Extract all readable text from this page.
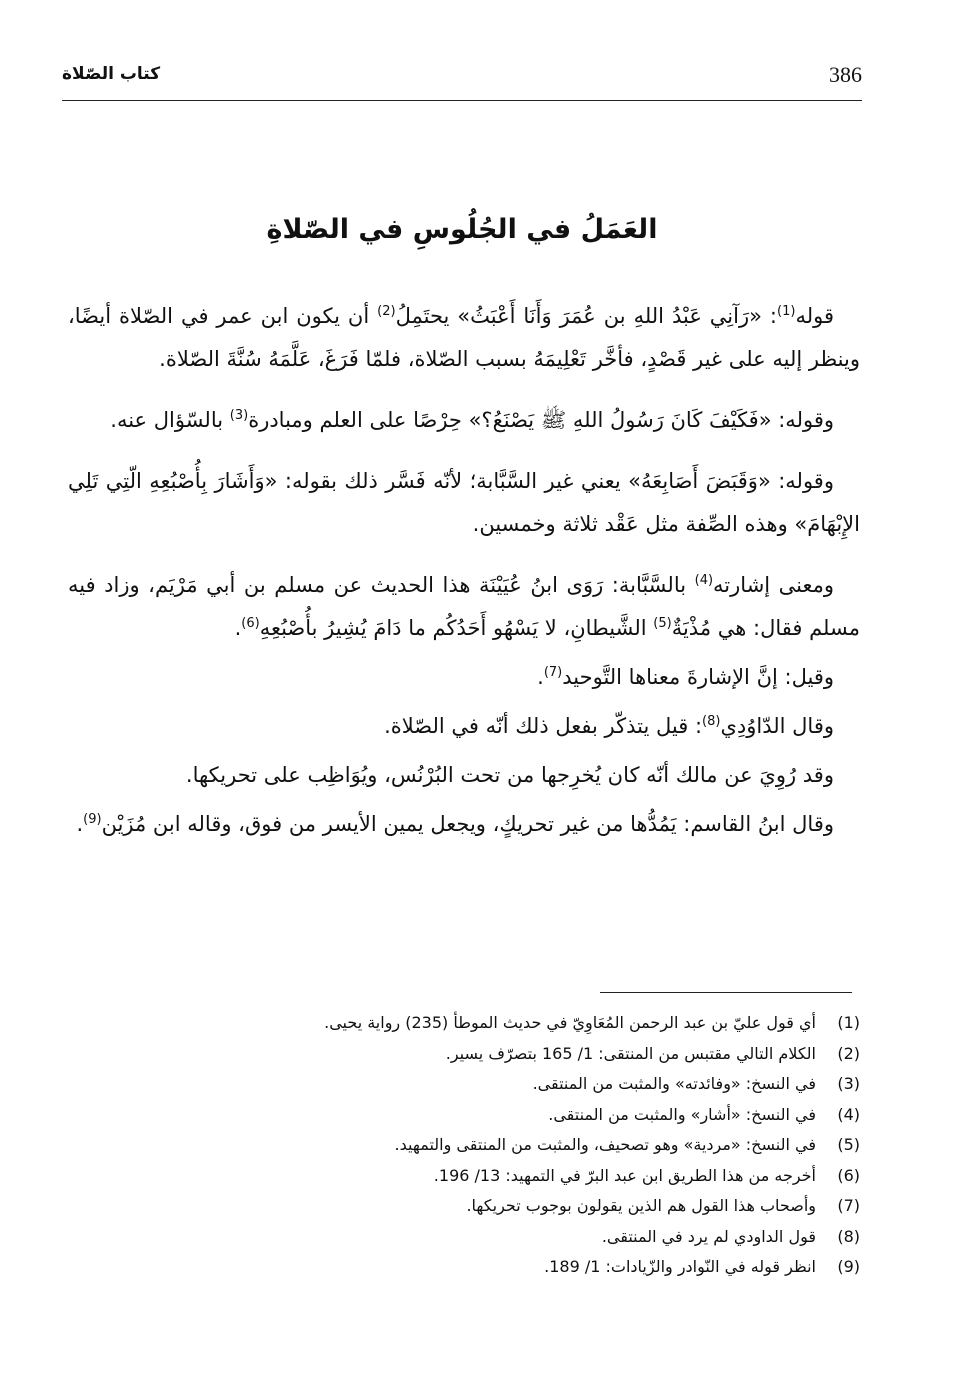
386
كتاب الصّلاة
العَمَلُ في الجُلُوسِ في الصّلاةِ

قوله$^{(1)}$: «رَآنِي عَبْدُ اللهِ بن عُمَرَ وَأَنَا أَعْبَثُ» يحتَمِلُ$^{(2)}$ أن يكون ابن عمر في الصّلاة أيضًا، وينظر إليه على غير قَصْدٍ، فأخَّر تَعْلِيمَهُ بسبب الصّلاة، فلمّا فَرَغَ، عَلَّمَهُ سُنَّةَ الصّلاة.

وقوله: «فَكَيْفَ كَانَ رَسُولُ اللهِ ﷺ يَصْنَعُ؟» حِرْصًا على العلم ومبادرة$^{(3)}$ بالسّؤال عنه.

وقوله: «وَقَبَضَ أَصَابِعَهُ» يعني غير السَّبَّابة؛ لأنّه فَسَّر ذلك بقوله: «وَأَشَارَ بِأُصْبُعِهِ الّتِي تَلِي الإِبْهَامَ» وهذه الصِّفة مثل عَقْد ثلاثة وخمسين.

ومعنى إشارته$^{(4)}$ بالسَّبَّابة: رَوَى ابنُ عُيَيْنَة هذا الحديث عن مسلم بن أبي مَرْيَم، وزاد فيه مسلم فقال: هي مُذْيَةٌ$^{(5)}$ الشَّيطانِ، لا يَسْهُو أَحَدُكُم ما دَامَ يُشِيرُ بأُصْبُعِهِ$^{(6)}$.

وقيل: إنَّ الإشارةَ معناها التَّوحيد$^{(7)}$.

وقال الدّاوُدِي$^{(8)}$: قيل يتذكّر بفعل ذلك أنّه في الصّلاة.

وقد رُوِيَ عن مالك أنّه كان يُخرِجها من تحت البُرْنُس، ويُوَاظِب على تحريكها.

وقال ابنُ القاسم: يَمُدُّها من غير تحريكٍ، ويجعل يمين الأيسر من فوق، وقاله ابن مُزَيْن$^{(9)}$.

(1)
أي قول عليّ بن عبد الرحمن المُعَاوِيّ في حديث الموطأ (235) رواية يحيى.
(2)
الكلام التالي مقتبس من المنتقى: 1/ 165 بتصرّف يسير.
(3)
في النسخ: «وفائدته» والمثبت من المنتقى.
(4)
في النسخ: «أشار» والمثبت من المنتقى.
(5)
في النسخ: «مردية» وهو تصحيف، والمثبت من المنتقى والتمهيد.
(6)
أخرجه من هذا الطريق ابن عبد البرّ في التمهيد: 13/ 196.
(7)
وأصحاب هذا القول هم الذين يقولون بوجوب تحريكها.
(8)
قول الداودي لم يرد في المنتقى.
(9)
انظر قوله في النّوادر والزّيادات: 1/ 189.
